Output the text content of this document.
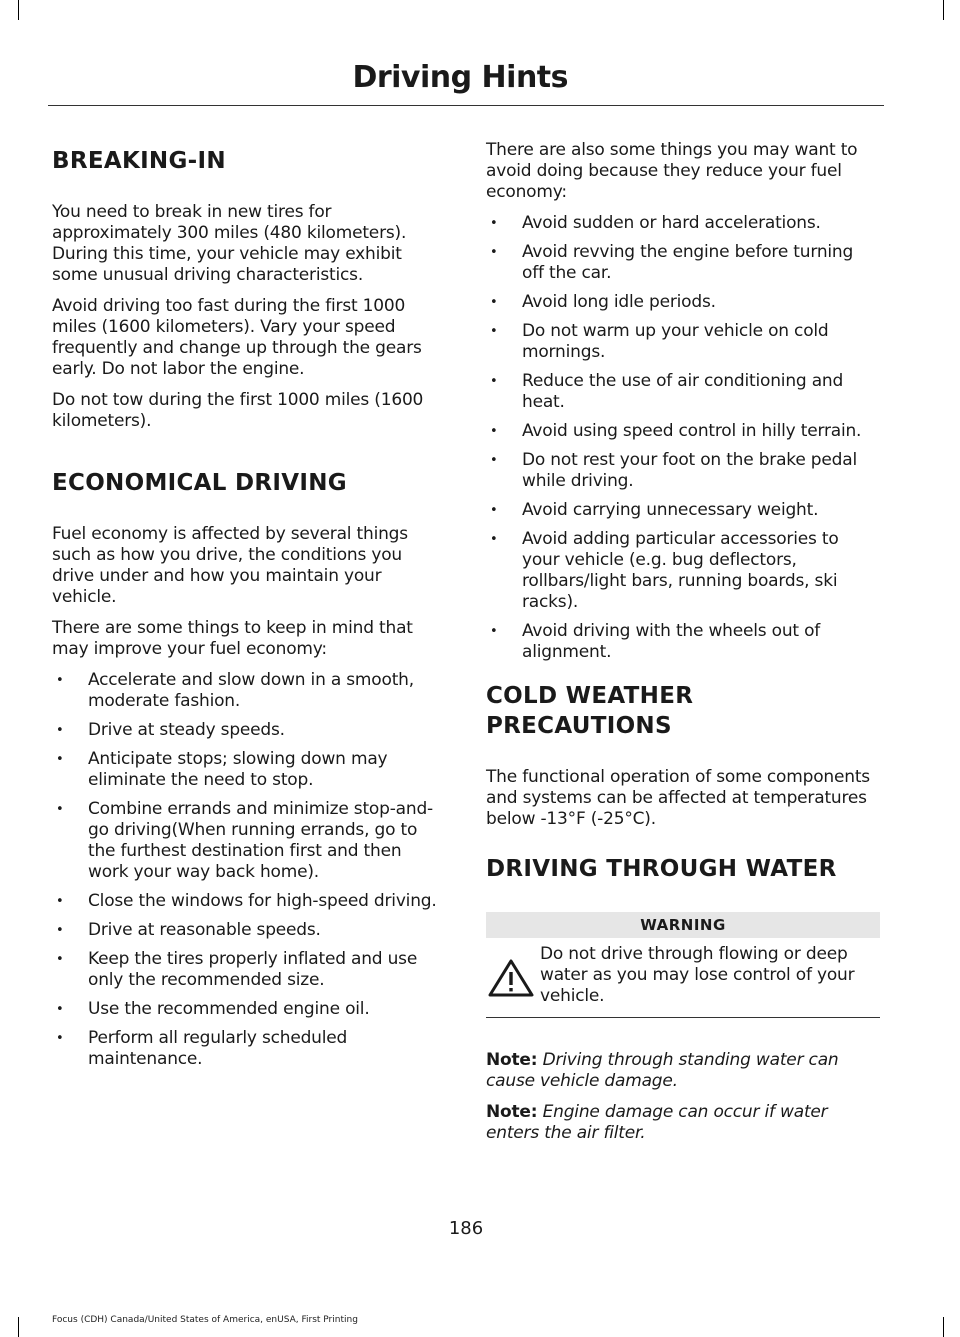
Driving Hints
BREAKING-IN

You need to break in new tires for approximately 300 miles (480 kilometers). During this time, your vehicle may exhibit some unusual driving characteristics.

Avoid driving too fast during the first 1000 miles (1600 kilometers). Vary your speed frequently and change up through the gears early. Do not labor the engine.

Do not tow during the first 1000 miles (1600 kilometers).

ECONOMICAL DRIVING

Fuel economy is affected by several things such as how you drive, the conditions you drive under and how you maintain your vehicle.

There are some things to keep in mind that may improve your fuel economy:

• Accelerate and slow down in a smooth, moderate fashion.
• Drive at steady speeds.
• Anticipate stops; slowing down may eliminate the need to stop.
• Combine errands and minimize stop-and-go driving(When running errands, go to the furthest destination first and then work your way back home).
• Close the windows for high-speed driving.
• Drive at reasonable speeds.
• Keep the tires properly inflated and use only the recommended size.
• Use the recommended engine oil.
• Perform all regularly scheduled maintenance.

There are also some things you may want to avoid doing because they reduce your fuel economy:

• Avoid sudden or hard accelerations.
• Avoid revving the engine before turning off the car.
• Avoid long idle periods.
• Do not warm up your vehicle on cold mornings.
• Reduce the use of air conditioning and heat.
• Avoid using speed control in hilly terrain.
• Do not rest your foot on the brake pedal while driving.
• Avoid carrying unnecessary weight.
• Avoid adding particular accessories to your vehicle (e.g. bug deflectors, rollbars/light bars, running boards, ski racks).
• Avoid driving with the wheels out of alignment.
COLD WEATHER
PRECAUTIONS

The functional operation of some components and systems can be affected at temperatures below -13°F (-25°C).

DRIVING THROUGH WATER
WARNING
Do not drive through flowing or deep water as you may lose control of your vehicle.

Note: Driving through standing water can cause vehicle damage.

Note: Engine damage can occur if water enters the air filter.

186
Focus (CDH) Canada/United States of America, enUSA, First Printing
